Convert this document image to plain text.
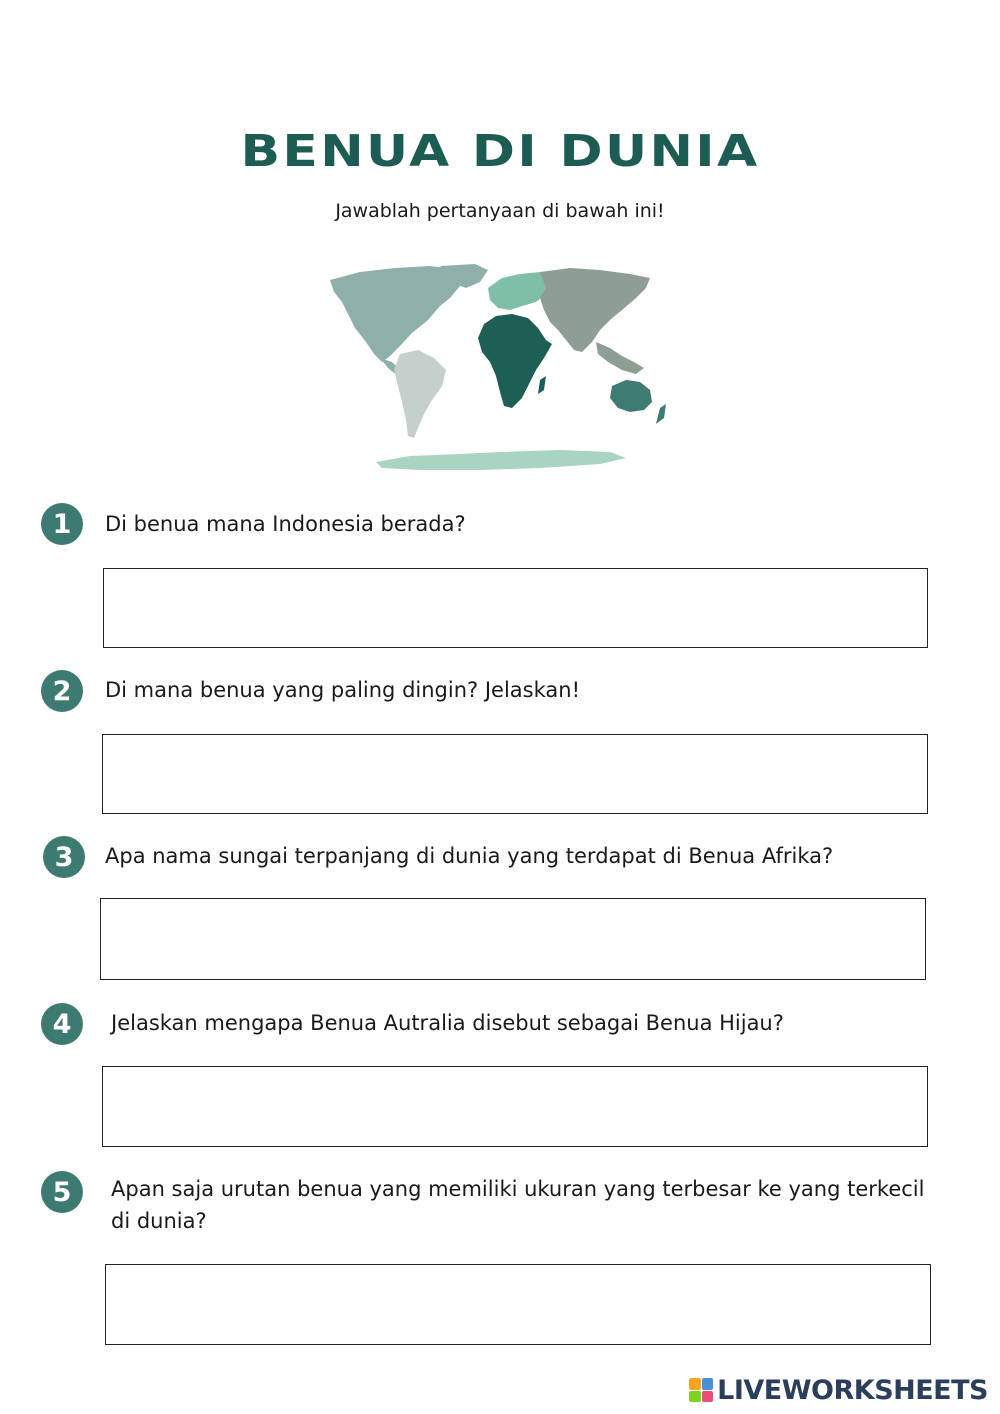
BENUA DI DUNIA
Jawablah pertanyaan di bawah ini!
1	Di benua mana Indonesia berada?
2	Di mana benua yang paling dingin? Jelaskan!
3	Apa nama sungai terpanjang di dunia yang terdapat di Benua Afrika?
4	Jelaskan mengapa Benua Autralia disebut sebagai Benua Hijau?
5	Apan saja urutan benua yang memiliki ukuran yang terbesar ke yang terkecil di dunia?
LIVEWORKSHEETS
